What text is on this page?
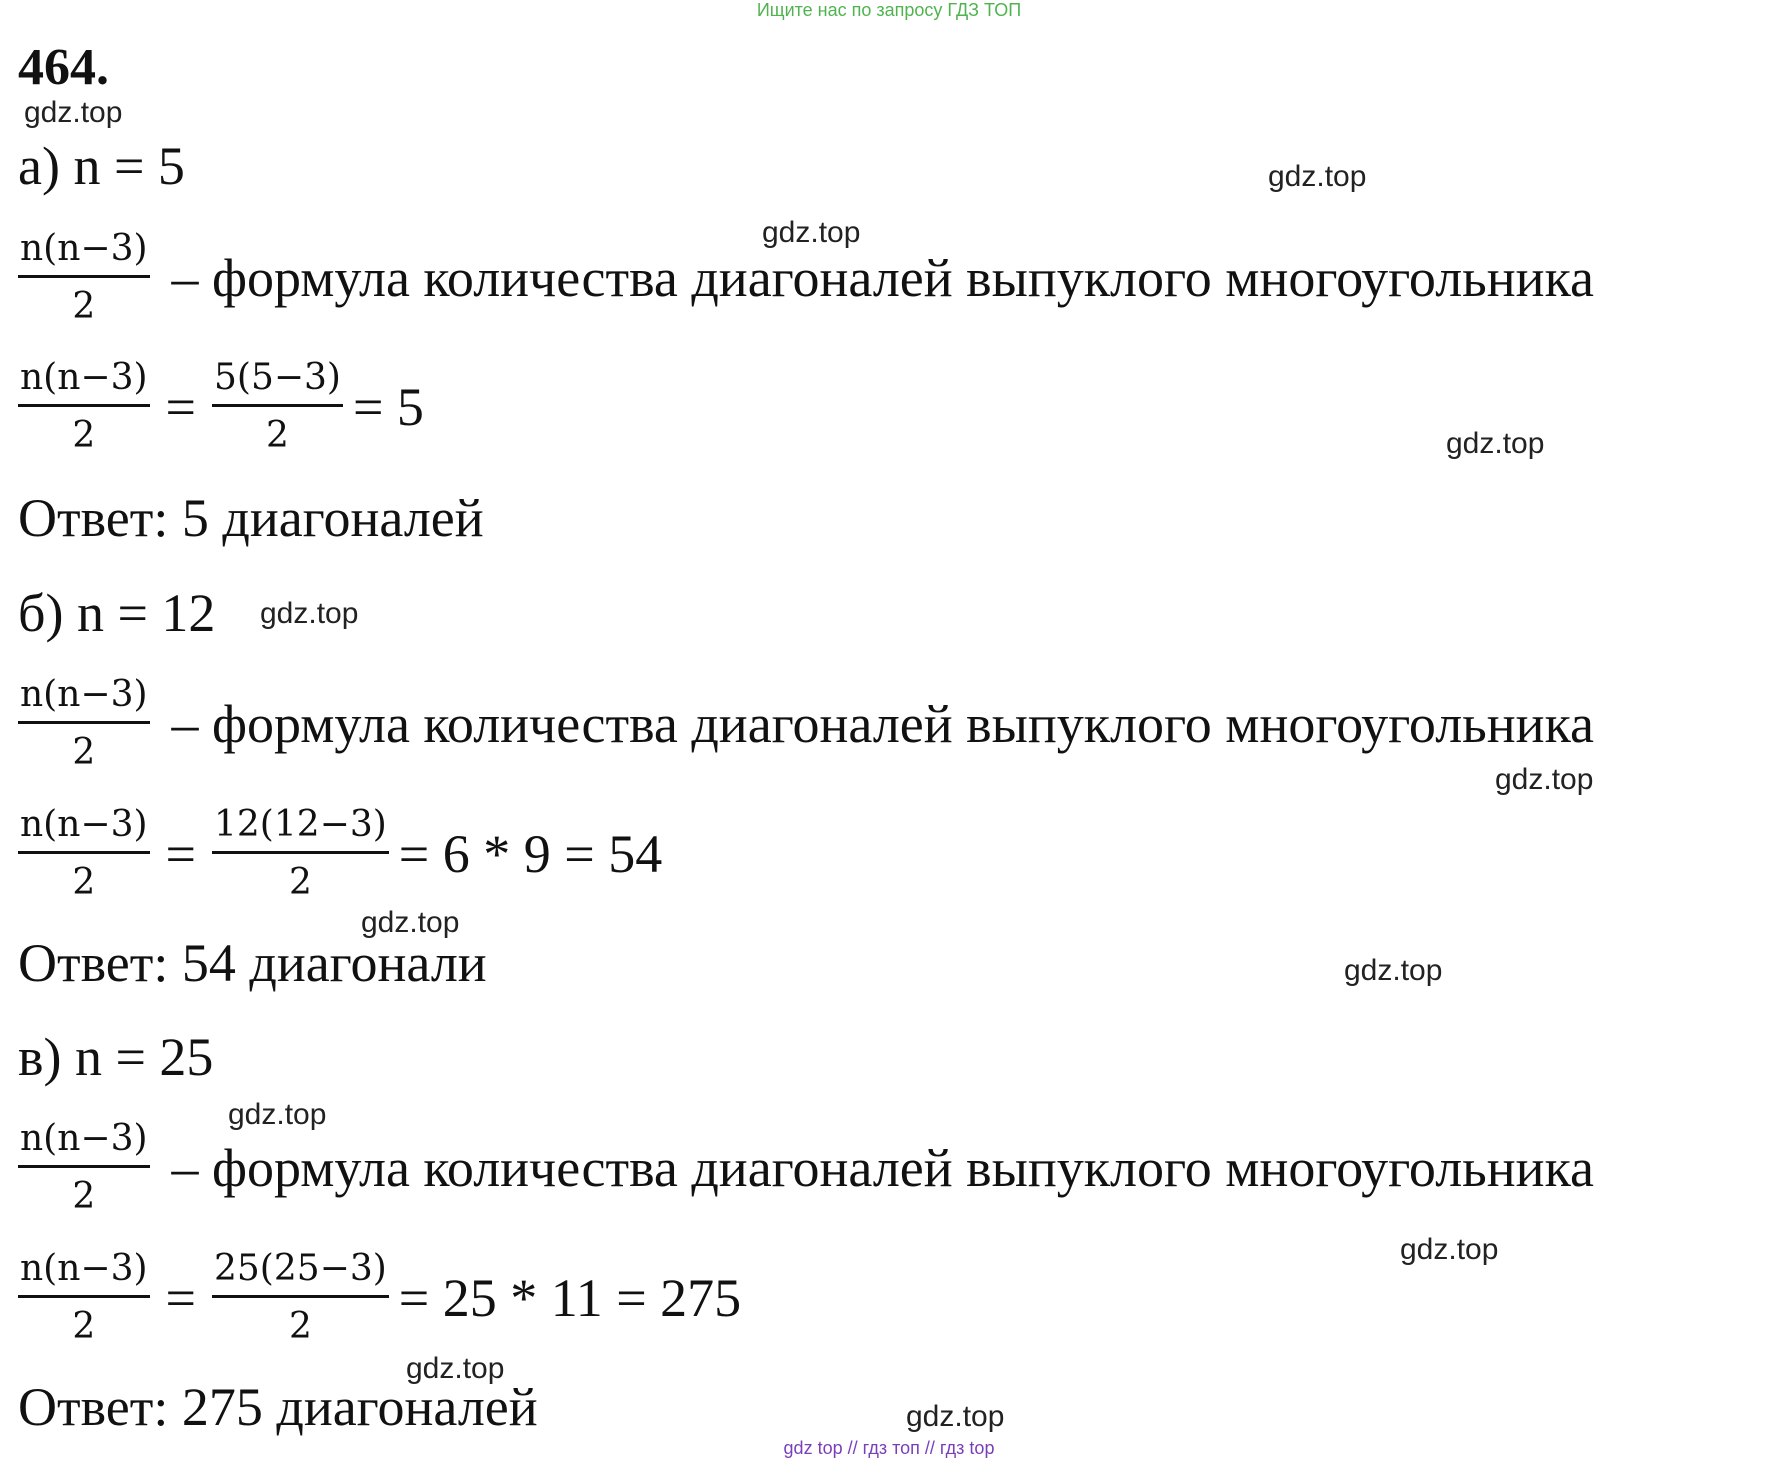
Ищите нас по запросу ГДЗ ТОП
464.
gdz.top
gdz.top
gdz.top
gdz.top
gdz.top
gdz.top
gdz.top
gdz.top
gdz.top
gdz.top
gdz.top
gdz.top
а) n = 5
$\frac{n(n-3)}{2}$ – формула количества диагоналей выпуклого многоугольника
$\frac{n(n-3)}{2} = \frac{5(5-3)}{2} = 5$
Ответ: 5 диагоналей
б) n = 12
$\frac{n(n-3)}{2}$ – формула количества диагоналей выпуклого многоугольника
$\frac{n(n-3)}{2} = \frac{12(12-3)}{2} = 6 * 9 = 54$
Ответ: 54 диагонали
в) n = 25
$\frac{n(n-3)}{2}$ – формула количества диагоналей выпуклого многоугольника
$\frac{n(n-3)}{2} = \frac{25(25-3)}{2} = 25 * 11 = 275$
Ответ: 275 диагоналей
gdz top // гдз топ // гдз top
